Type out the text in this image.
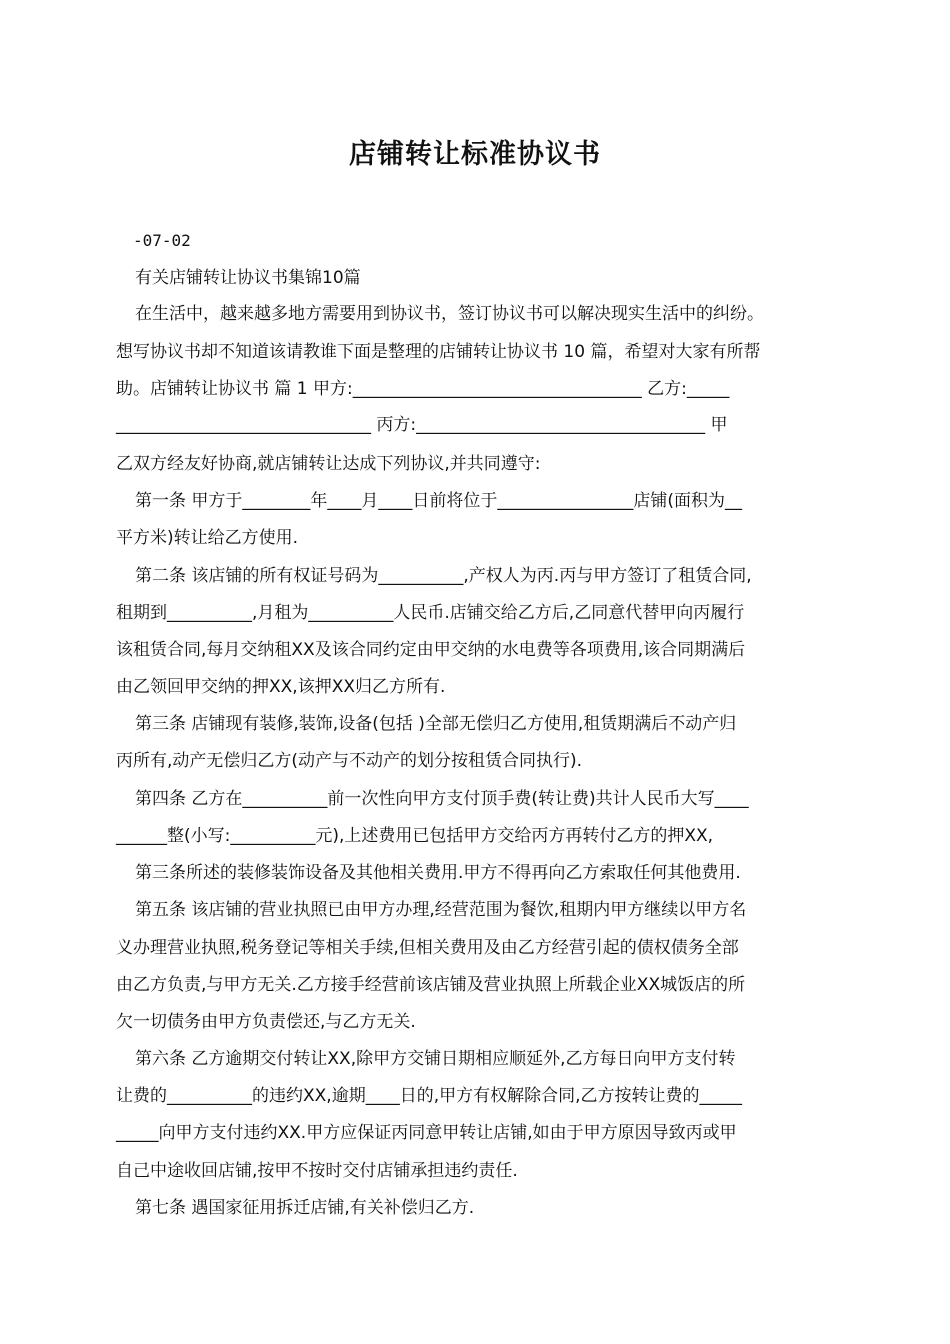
店铺转让标准协议书
-07-02
有关店铺转让协议书集锦10篇
在生活中，越来越多地方需要用到协议书，签订协议书可以解决现实生活中的纠纷。
想写协议书却不知道该请教谁下面是整理的店铺转让协议书 10 篇，希望对大家有所帮
助。店铺转让协议书 篇 1 甲方:__________________________________ 乙方:_____
______________________________ 丙方:__________________________________ 甲
乙双方经友好协商,就店铺转让达成下列协议,并共同遵守:
第一条 甲方于________年____月____日前将位于________________店铺(面积为__
平方米)转让给乙方使用.
第二条 该店铺的所有权证号码为__________,产权人为丙.丙与甲方签订了租赁合同,
租期到__________,月租为__________人民币.店铺交给乙方后,乙同意代替甲向丙履行
该租赁合同,每月交纳租XX及该合同约定由甲交纳的水电费等各项费用,该合同期满后
由乙领回甲交纳的押XX,该押XX归乙方所有.
第三条 店铺现有装修,装饰,设备(包括 )全部无偿归乙方使用,租赁期满后不动产归
丙所有,动产无偿归乙方(动产与不动产的划分按租赁合同执行).
第四条 乙方在__________前一次性向甲方支付顶手费(转让费)共计人民币大写____
______整(小写:__________元),上述费用已包括甲方交给丙方再转付乙方的押XX,
第三条所述的装修装饰设备及其他相关费用.甲方不得再向乙方索取任何其他费用.
第五条 该店铺的营业执照已由甲方办理,经营范围为餐饮,租期内甲方继续以甲方名
义办理营业执照,税务登记等相关手续,但相关费用及由乙方经营引起的债权债务全部
由乙方负责,与甲方无关.乙方接手经营前该店铺及营业执照上所载企业XX城饭店的所
欠一切债务由甲方负责偿还,与乙方无关.
第六条 乙方逾期交付转让XX,除甲方交铺日期相应顺延外,乙方每日向甲方支付转
让费的__________的违约XX,逾期____日的,甲方有权解除合同,乙方按转让费的_____
_____向甲方支付违约XX.甲方应保证丙同意甲转让店铺,如由于甲方原因导致丙或甲
自己中途收回店铺,按甲不按时交付店铺承担违约责任.
第七条 遇国家征用拆迁店铺,有关补偿归乙方.
